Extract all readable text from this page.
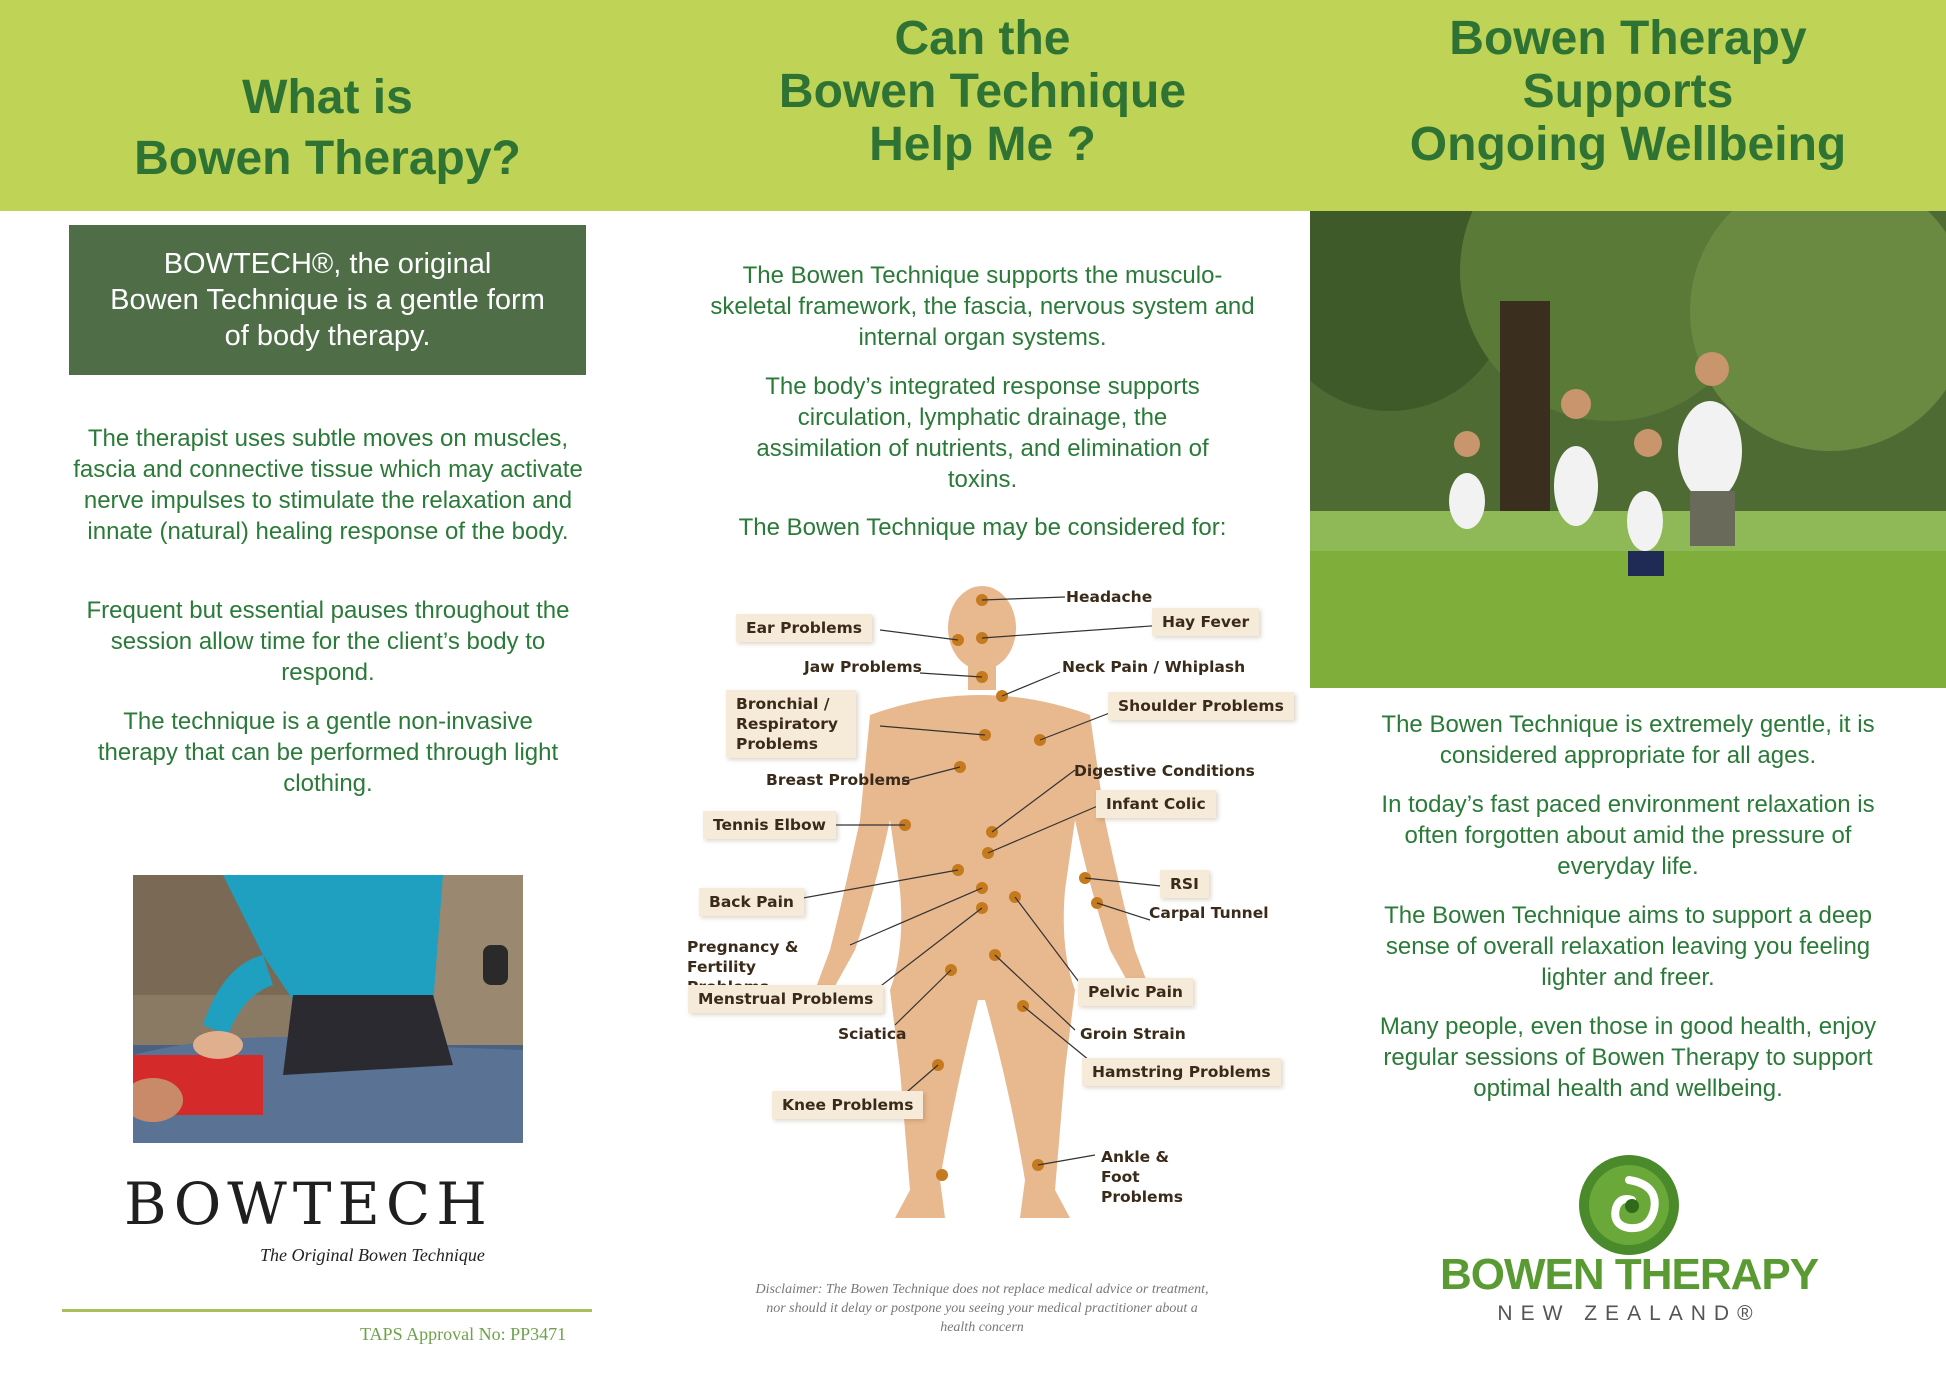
What is
Bowen Therapy?
Can the
Bowen Technique
Help Me ?
Bowen Therapy
Supports
Ongoing Wellbeing
BOWTECH®, the original
Bowen Technique is a gentle form
of body therapy.

The therapist uses subtle moves on muscles, fascia and connective tissue which may activate nerve impulses to stimulate the relaxation and innate (natural) healing response of the body.

Frequent but essential pauses throughout the session allow time for the client’s body to respond.

The technique is a gentle non-invasive therapy that can be performed through light clothing.

BOWTECH
The Original Bowen Technique
TAPS Approval No: PP3471

The Bowen Technique supports the musculo-skeletal framework, the fascia, nervous system and internal organ systems.

The body’s integrated response supports circulation, lymphatic drainage, the assimilation of nutrients, and elimination of toxins.

The Bowen Technique may be considered for:

Headache
Ear Problems	Hay Fever
Jaw Problems	Neck Pain / Whiplash
Bronchial / Respiratory Problems
Shoulder Problems
Breast Problems	Digestive Conditions
Infant Colic
Tennis Elbow
RSI
Back Pain
Carpal Tunnel
Pregnancy & Fertility
Pelvic Pain
Menstrual Problems
Sciatica	Groin Strain
Hamstring Problems
Knee Problems
Ankle & Foot Problems
Disclaimer: The Bowen Technique does not replace medical advice or treatment, nor should it delay or postpone you seeing your medical practitioner about a health concern

The Bowen Technique is extremely gentle, it is considered appropriate for all ages.

In today’s fast paced environment relaxation is often forgotten about amid the pressure of everyday life.

The Bowen Technique aims to support a deep sense of overall relaxation leaving you feeling lighter and freer.

Many people, even those in good health, enjoy regular sessions of Bowen Therapy to support optimal health and wellbeing.

BOWEN THERAPY
NEW ZEALAND®
